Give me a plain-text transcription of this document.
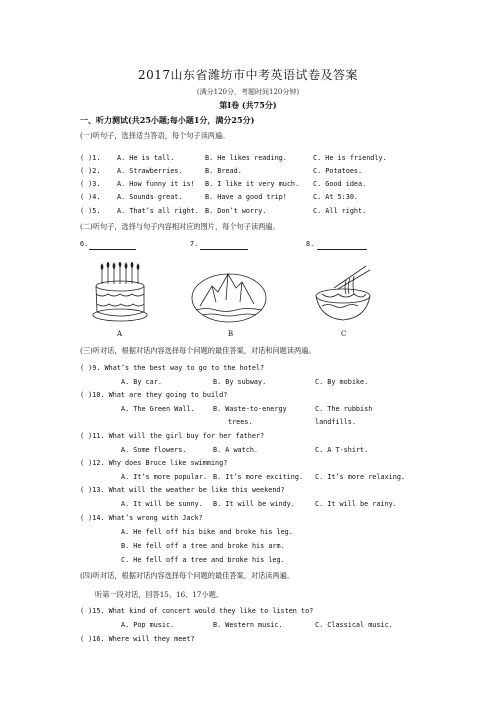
2017山东省潍坊市中考英语试卷及答案
(满分120分，考题时间120分钟)
第Ⅰ卷 (共75分)
一、听力测试(共25小题;每小题1分，满分25分)
(一)听句子，选择适当答语，每个句子读两遍。
( )1. A. He is tall.	B. He likes reading.	C. He is friendly.
( )2. A. Strawberries.	B. Bread.	C. Potatoes.
( )3. A. How funny it is! B. I like it very much. C. Good idea.
( )4. A. Sounds great.	B. Have a good trip!	C. At 5:30.
( )5. A. That’s all right. B. Don’t worry.	C. All right.
(二)听句子，选择与句子内容相对应的图片，每个句子读两遍。
6.	7.	8.
A	B	C
(三)听对话，根据对话内容选择每个问题的最佳答案，对话和问题读两遍。
( )9. What’s the best way to go to the hotel?
A. By car.	B. By subway.	C. By mobike.
( )10. What are they going to build?
A. The Green Wall.	B. Waste-to-energy
trees.
C. The rubbish
landfills.
( )11. What will the girl buy for her father?
A. Some flowers.	B. A watch.	C. A T-shirt.
( )12. Why does Bruce like swimming?
A. It’s more popular. B. It’s more exciting. C. It’s more relaxing.
( )13. What will the weather be like this weekend?
A. It will be sunny. B. It will be windy.	C. It will be rainy.
( )14. What’s wrong with Jack?
A. He fell off his bike and broke his leg.
B. He fell off a tree and broke his arm.
C. He fell off a tree and broke his leg.
(四)听对话，根据对话内容选择每个问题的最佳答案，对话读两遍。
听第一段对话，回答15、16、17小题。
( )15. What kind of concert would they like to listen to?
A. Pop music.	B. Western music.	C. Classical music.
( )16. Where will they meet?
